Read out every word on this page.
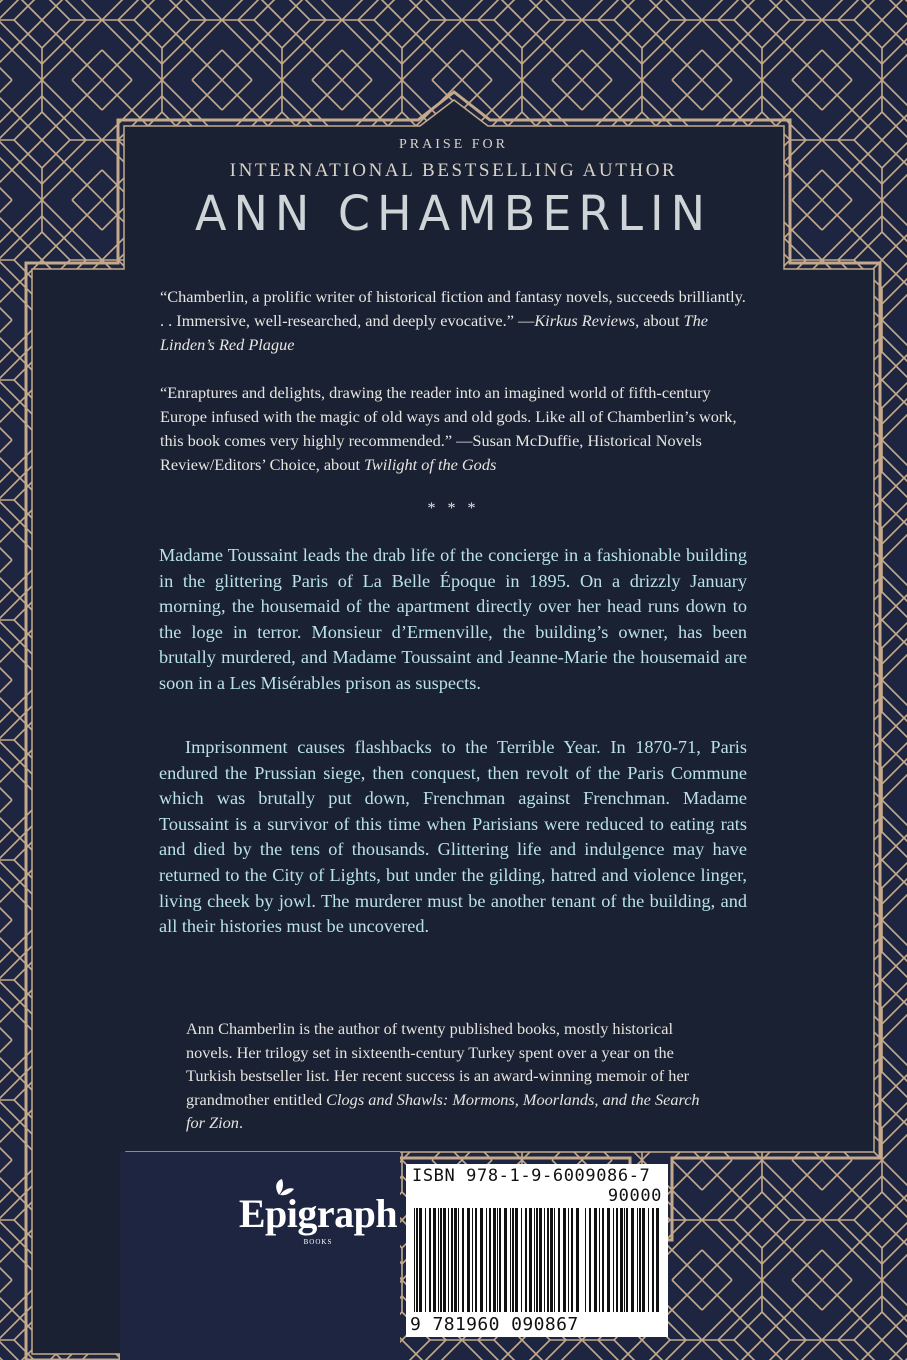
PRAISE FOR

INTERNATIONAL BESTSELLING AUTHOR

ANN CHAMBERLIN

“Chamberlin, a prolific writer of historical fiction and fantasy novels, succeeds brilliantly. . . Immersive, well-researched, and deeply evocative.” —Kirkus Reviews, about The Linden’s Red Plague

“Enraptures and delights, drawing the reader into an imagined world of fifth-century Europe infused with the magic of old ways and old gods. Like all of Chamberlin’s work, this book comes very highly recommended.” —Susan McDuffie, Historical Novels Review/Editors’ Choice, about Twilight of the Gods

* * *

Madame Toussaint leads the drab life of the concierge in a fashionable building in the glittering Paris of La Belle Époque in 1895. On a drizzly January morning, the housemaid of the apartment directly over her head runs down to the loge in terror. Monsieur d’Ermenville, the building’s owner, has been brutally murdered, and Madame Toussaint and Jeanne-Marie the housemaid are soon in a Les Misérables prison as suspects.

Imprisonment causes flashbacks to the Terrible Year. In 1870-71, Paris endured the Prussian siege, then conquest, then revolt of the Paris Commune which was brutally put down, Frenchman against Frenchman. Madame Toussaint is a survivor of this time when Parisians were reduced to eating rats and died by the tens of thousands. Glittering life and indulgence may have returned to the City of Lights, but under the gilding, hatred and violence linger, living cheek by jowl. The murderer must be another tenant of the building, and all their histories must be uncovered.

Ann Chamberlin is the author of twenty published books, mostly historical novels. Her trilogy set in sixteenth-century Turkey spent over a year on the Turkish bestseller list. Her recent success is an award-winning memoir of her grandmother entitled Clogs and Shawls: Mormons, Moorlands, and the Search for Zion.

Epigraph

BOOKS

ISBN 978-1-9-6009086-7
90000
9 781960 090867
